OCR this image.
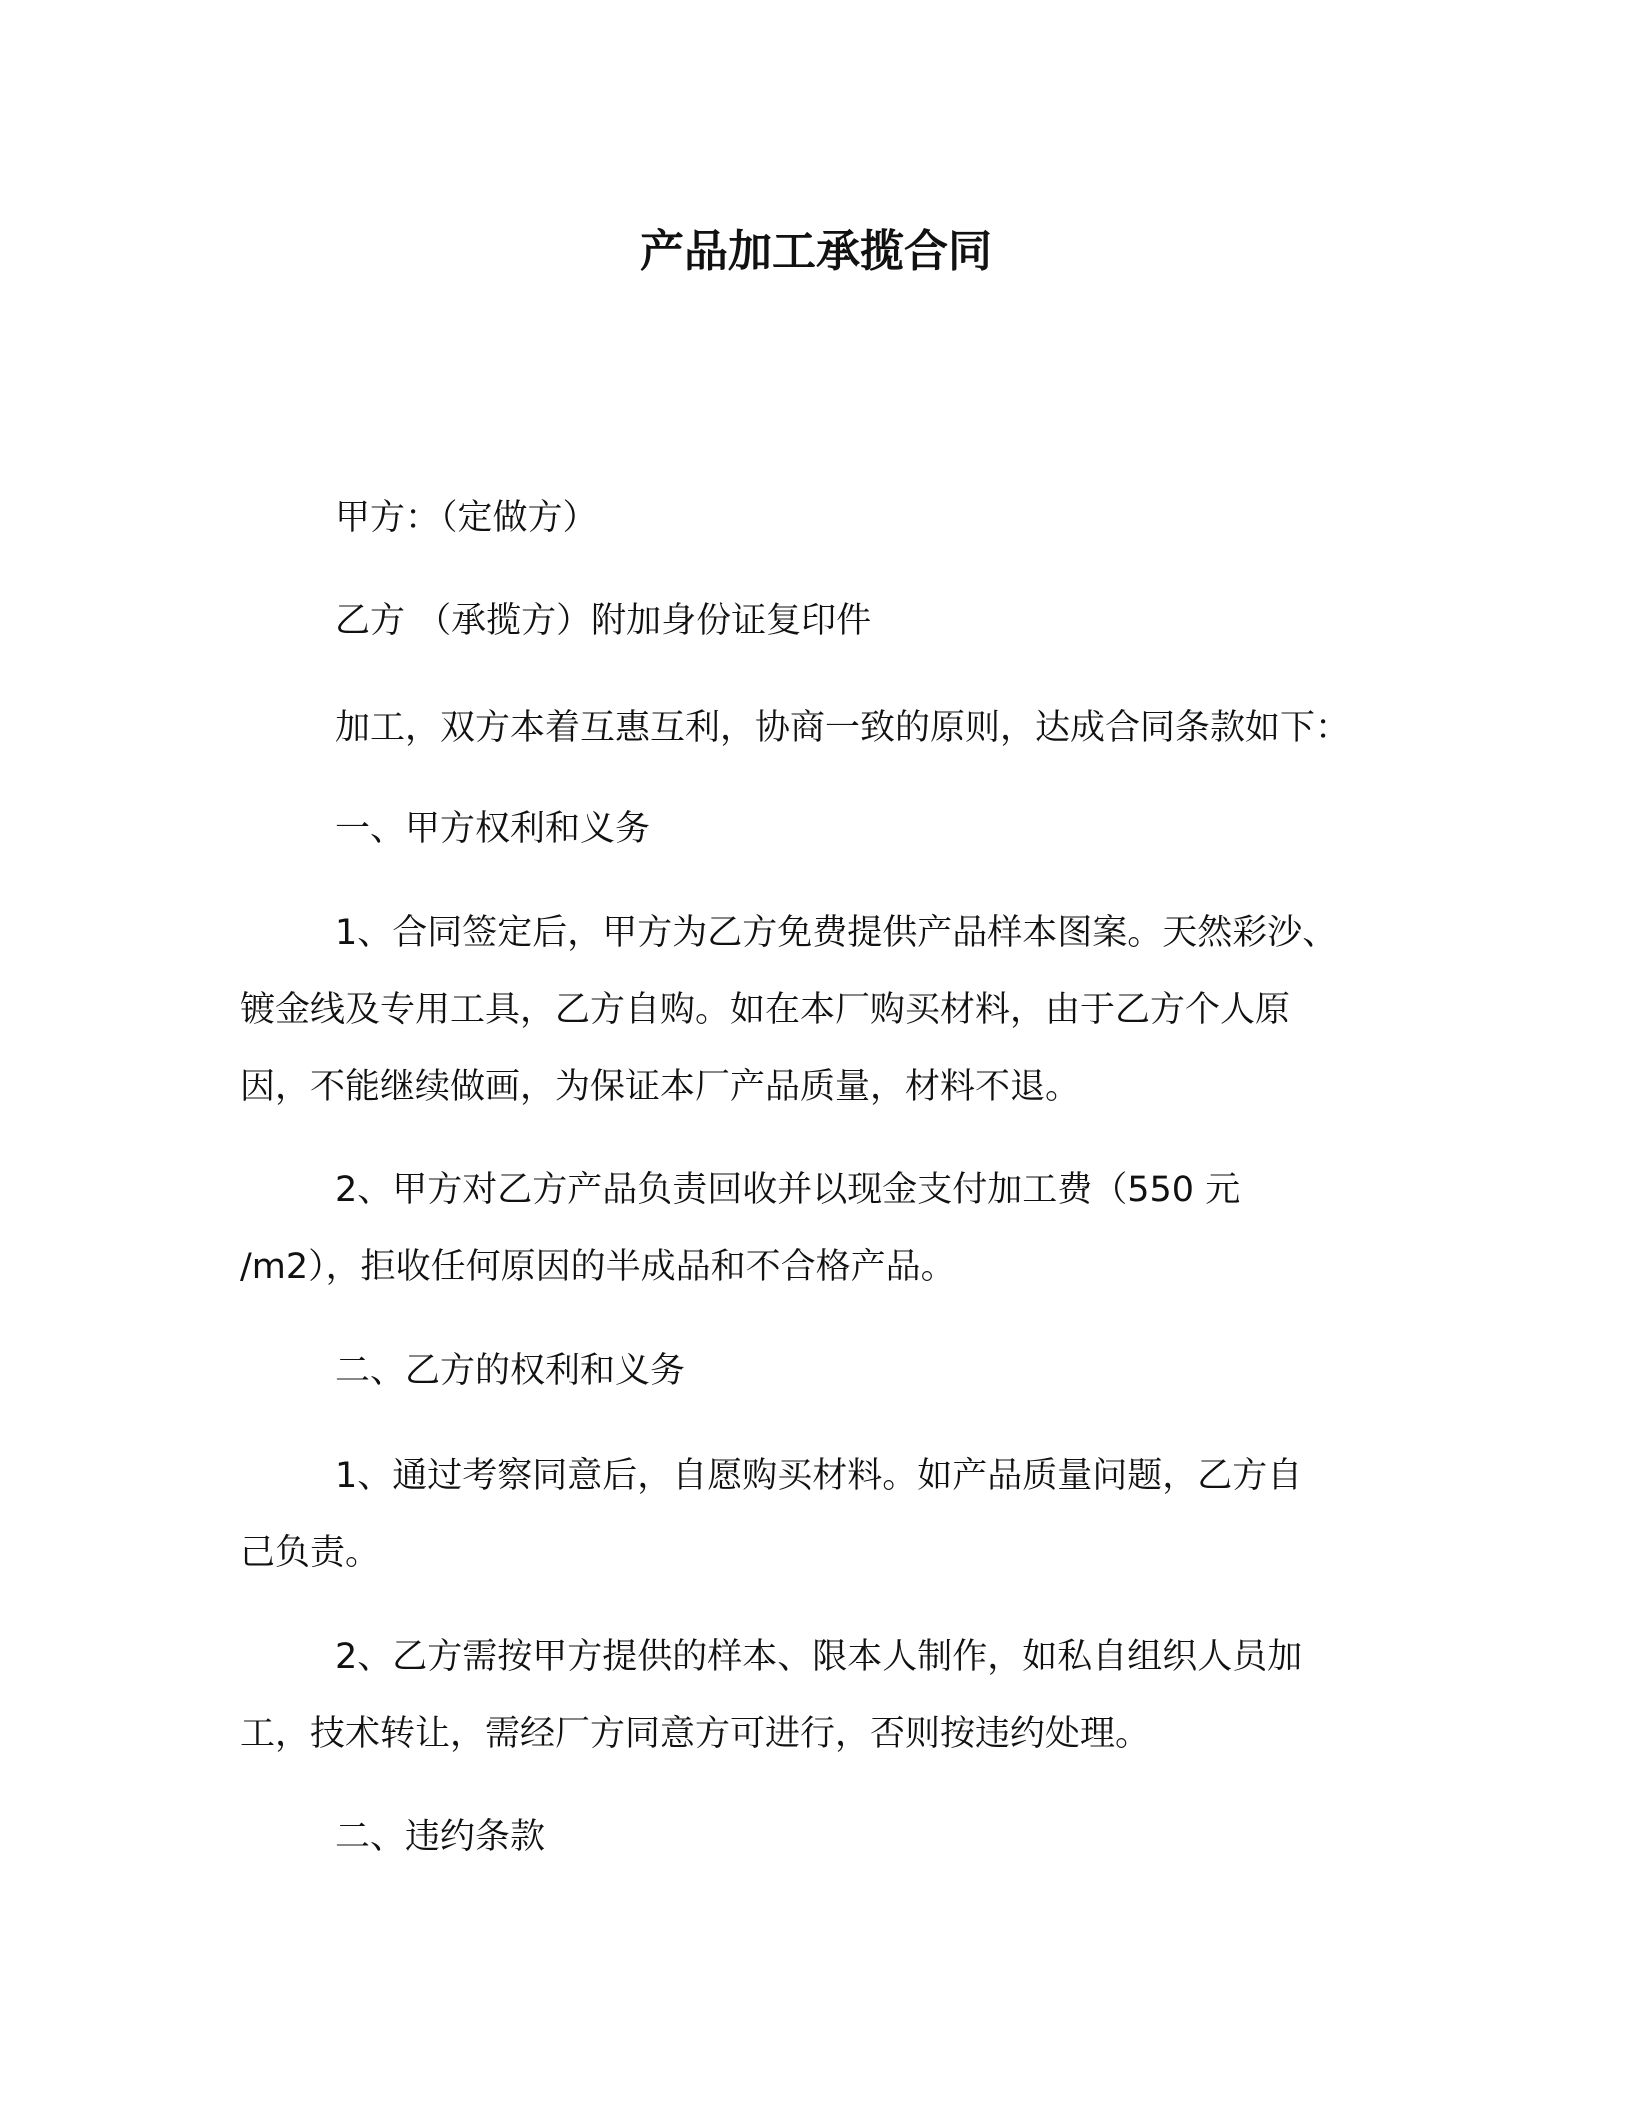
产品加工承揽合同
甲方：（定做方）
乙方 （承揽方）附加身份证复印件
加工，双方本着互惠互利，协商一致的原则，达成合同条款如下：
一、甲方权利和义务
1、合同签定后，甲方为乙方免费提供产品样本图案。天然彩沙、
镀金线及专用工具，乙方自购。如在本厂购买材料，由于乙方个人原
因，不能继续做画，为保证本厂产品质量，材料不退。
2、甲方对乙方产品负责回收并以现金支付加工费（550 元
/m2），拒收任何原因的半成品和不合格产品。
二、乙方的权利和义务
1、通过考察同意后，自愿购买材料。如产品质量问题，乙方自
己负责。
2、乙方需按甲方提供的样本、限本人制作，如私自组织人员加
工，技术转让，需经厂方同意方可进行，否则按违约处理。
二、违约条款
